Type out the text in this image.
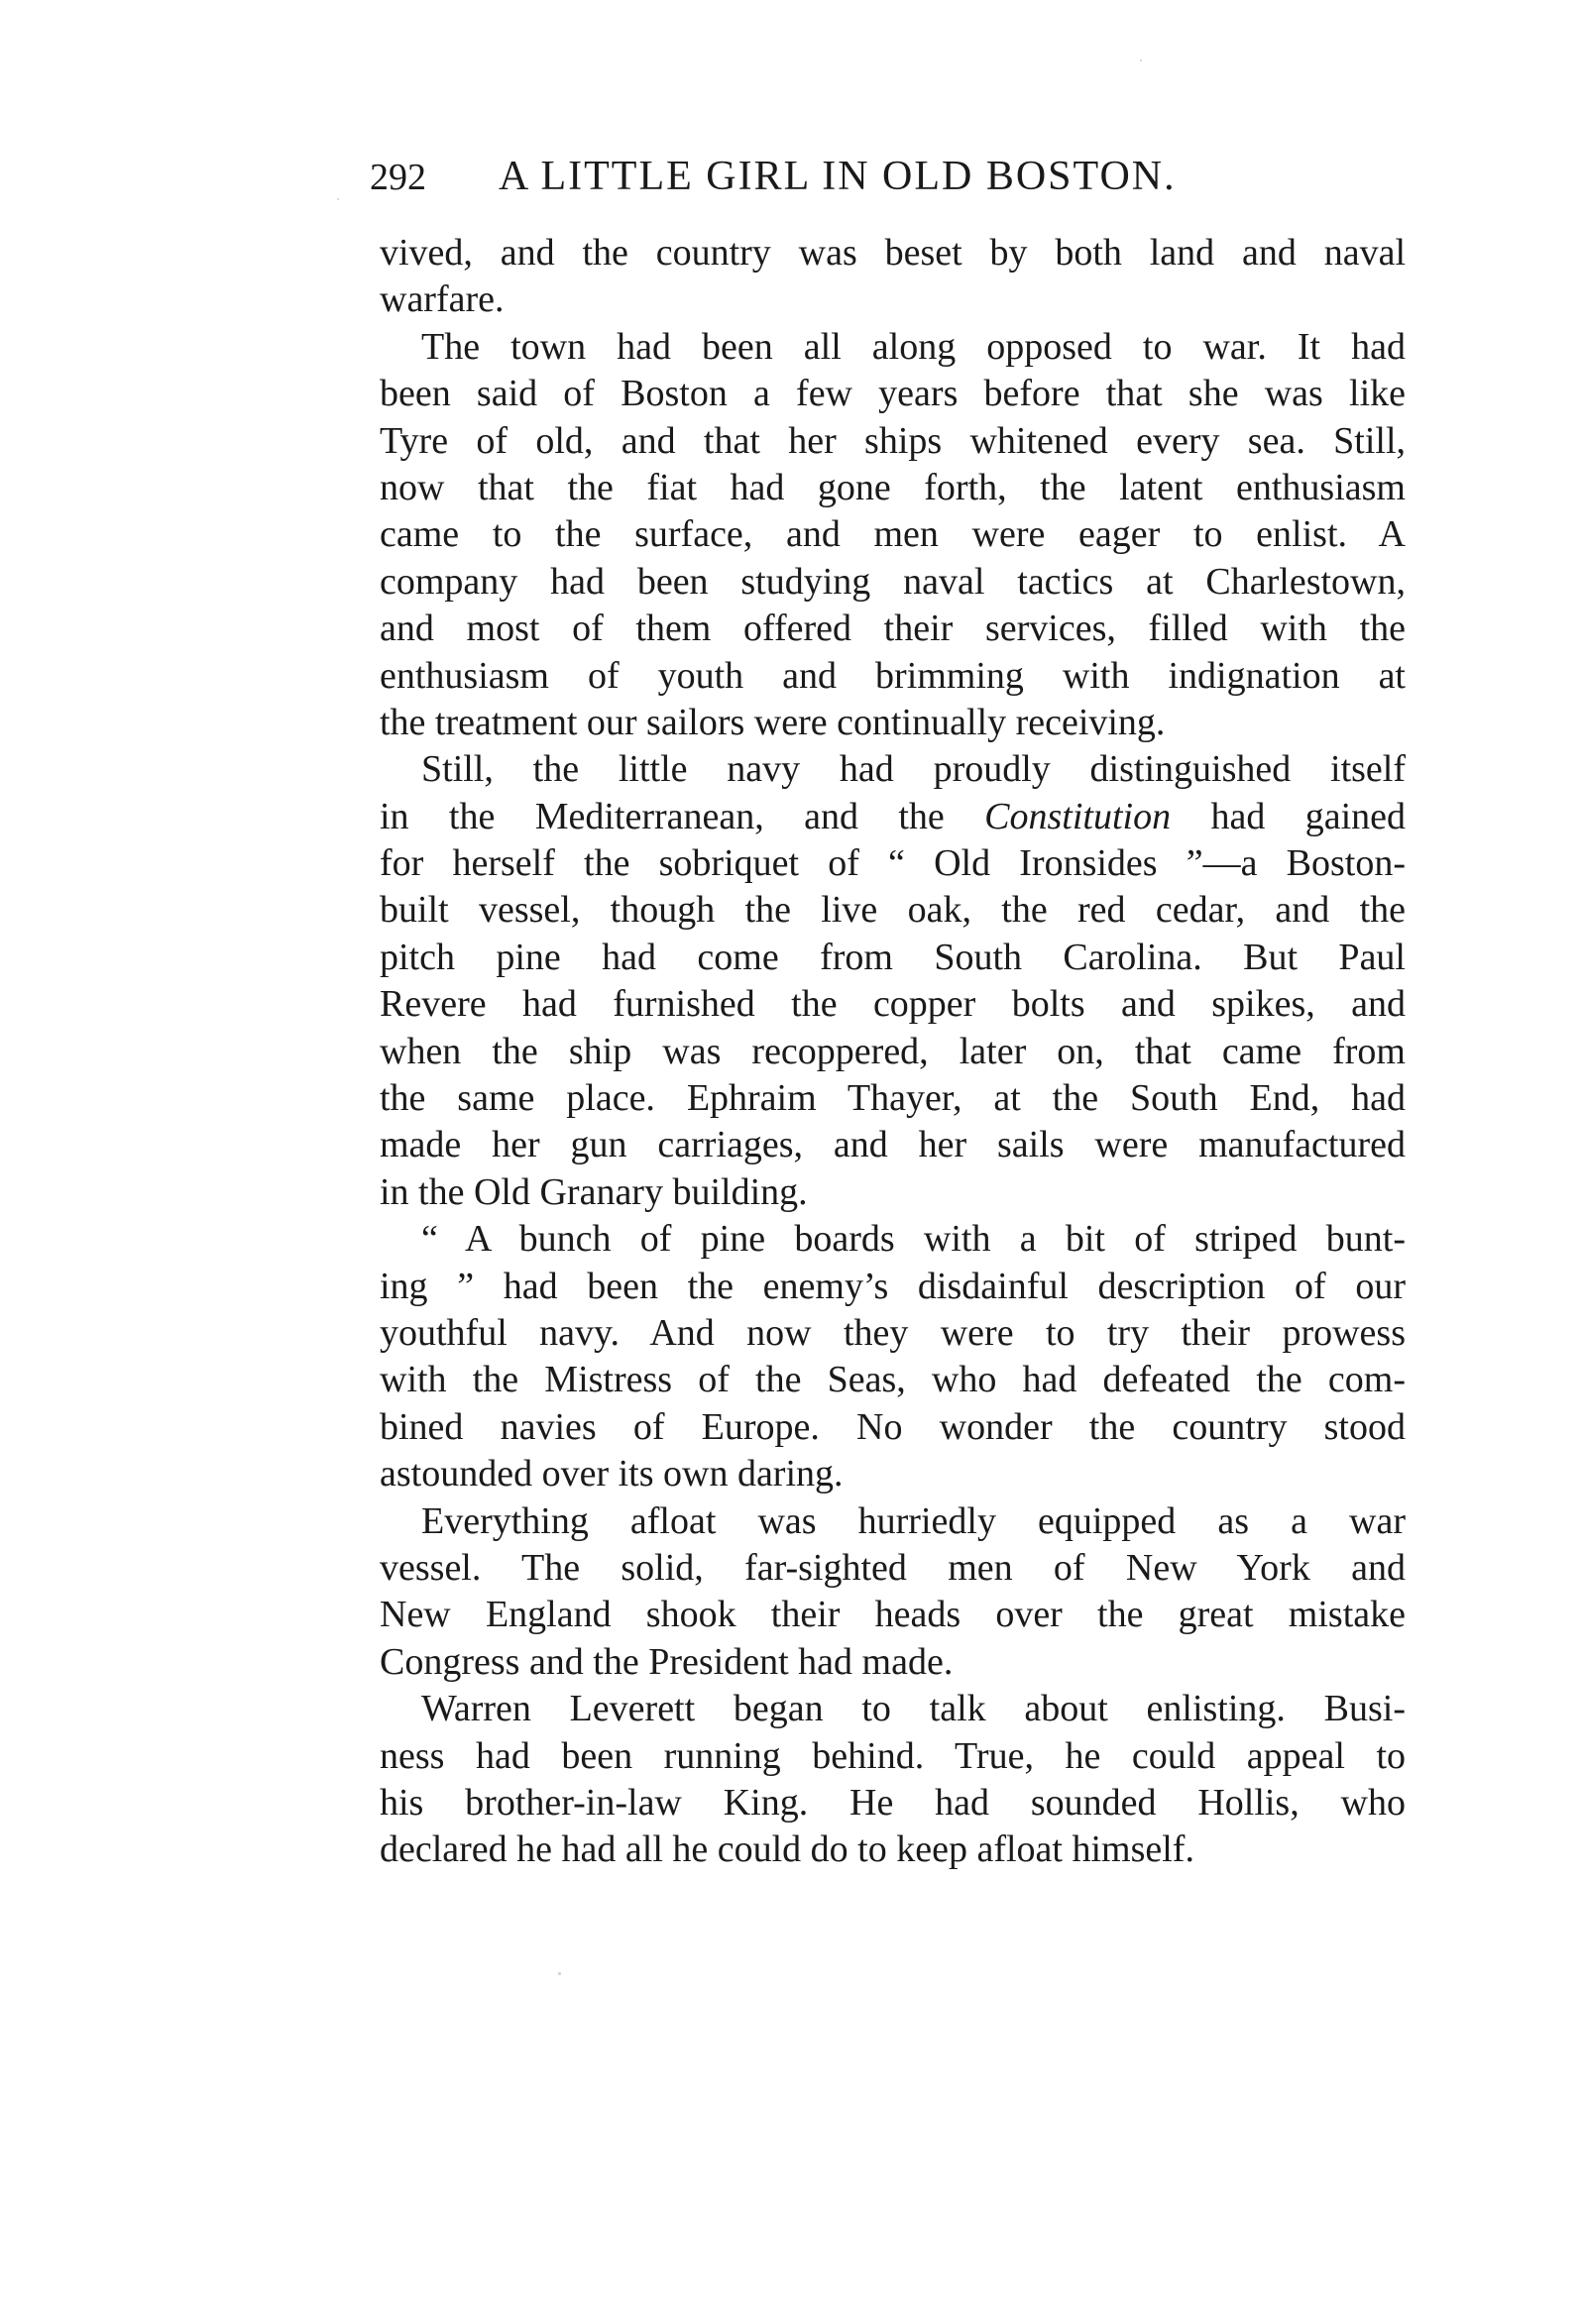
292 A LITTLE GIRL IN OLD BOSTON.
vived, and the country was beset by both land and naval
warfare.
The town had been all along opposed to war. It had
been said of Boston a few years before that she was like
Tyre of old, and that her ships whitened every sea. Still,
now that the fiat had gone forth, the latent enthusiasm
came to the surface, and men were eager to enlist. A
company had been studying naval tactics at Charlestown,
and most of them offered their services, filled with the
enthusiasm of youth and brimming with indignation at
the treatment our sailors were continually receiving.
Still, the little navy had proudly distinguished itself
in the Mediterranean, and the Constitution had gained
for herself the sobriquet of “ Old Ironsides ”—a Boston-
built vessel, though the live oak, the red cedar, and the
pitch pine had come from South Carolina. But Paul
Revere had furnished the copper bolts and spikes, and
when the ship was recoppered, later on, that came from
the same place. Ephraim Thayer, at the South End, had
made her gun carriages, and her sails were manufactured
in the Old Granary building.
“ A bunch of pine boards with a bit of striped bunt-
ing ” had been the enemy’s disdainful description of our
youthful navy. And now they were to try their prowess
with the Mistress of the Seas, who had defeated the com-
bined navies of Europe. No wonder the country stood
astounded over its own daring.
Everything afloat was hurriedly equipped as a war
vessel. The solid, far-sighted men of New York and
New England shook their heads over the great mistake
Congress and the President had made.
Warren Leverett began to talk about enlisting. Busi-
ness had been running behind. True, he could appeal to
his brother-in-law King. He had sounded Hollis, who
declared he had all he could do to keep afloat himself.
